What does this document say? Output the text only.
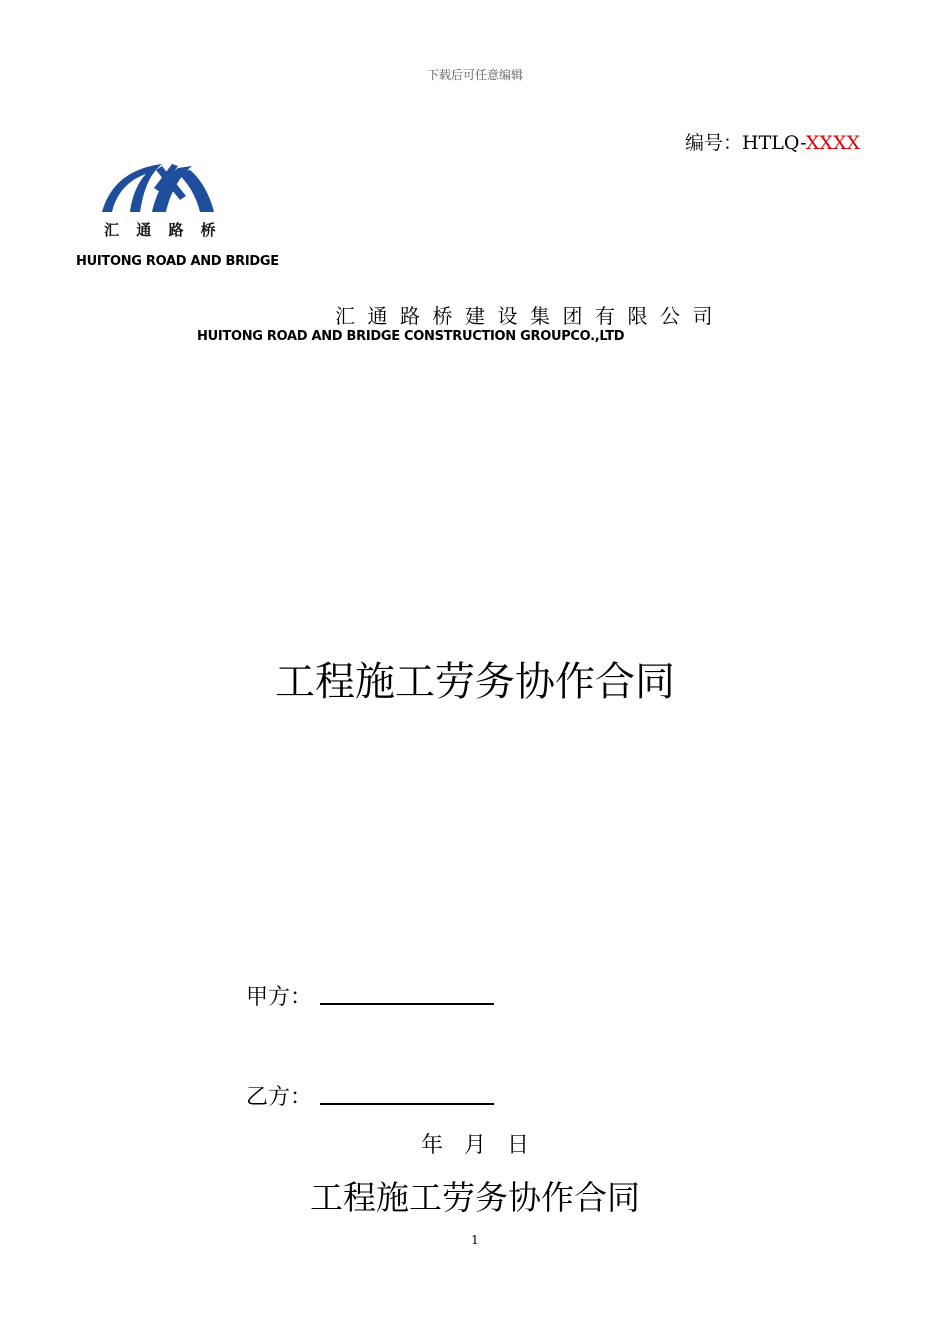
下载后可任意编辑
编号：HTLQ-XXXX
汇 通 路 桥
HUITONG ROAD AND BRIDGE
汇通路桥建设集团有限公司
HUITONG ROAD AND BRIDGE CONSTRUCTION GROUPCO.,LTD
工程施工劳务协作合同
甲方：
乙方：
年   月   日
工程施工劳务协作合同
1
